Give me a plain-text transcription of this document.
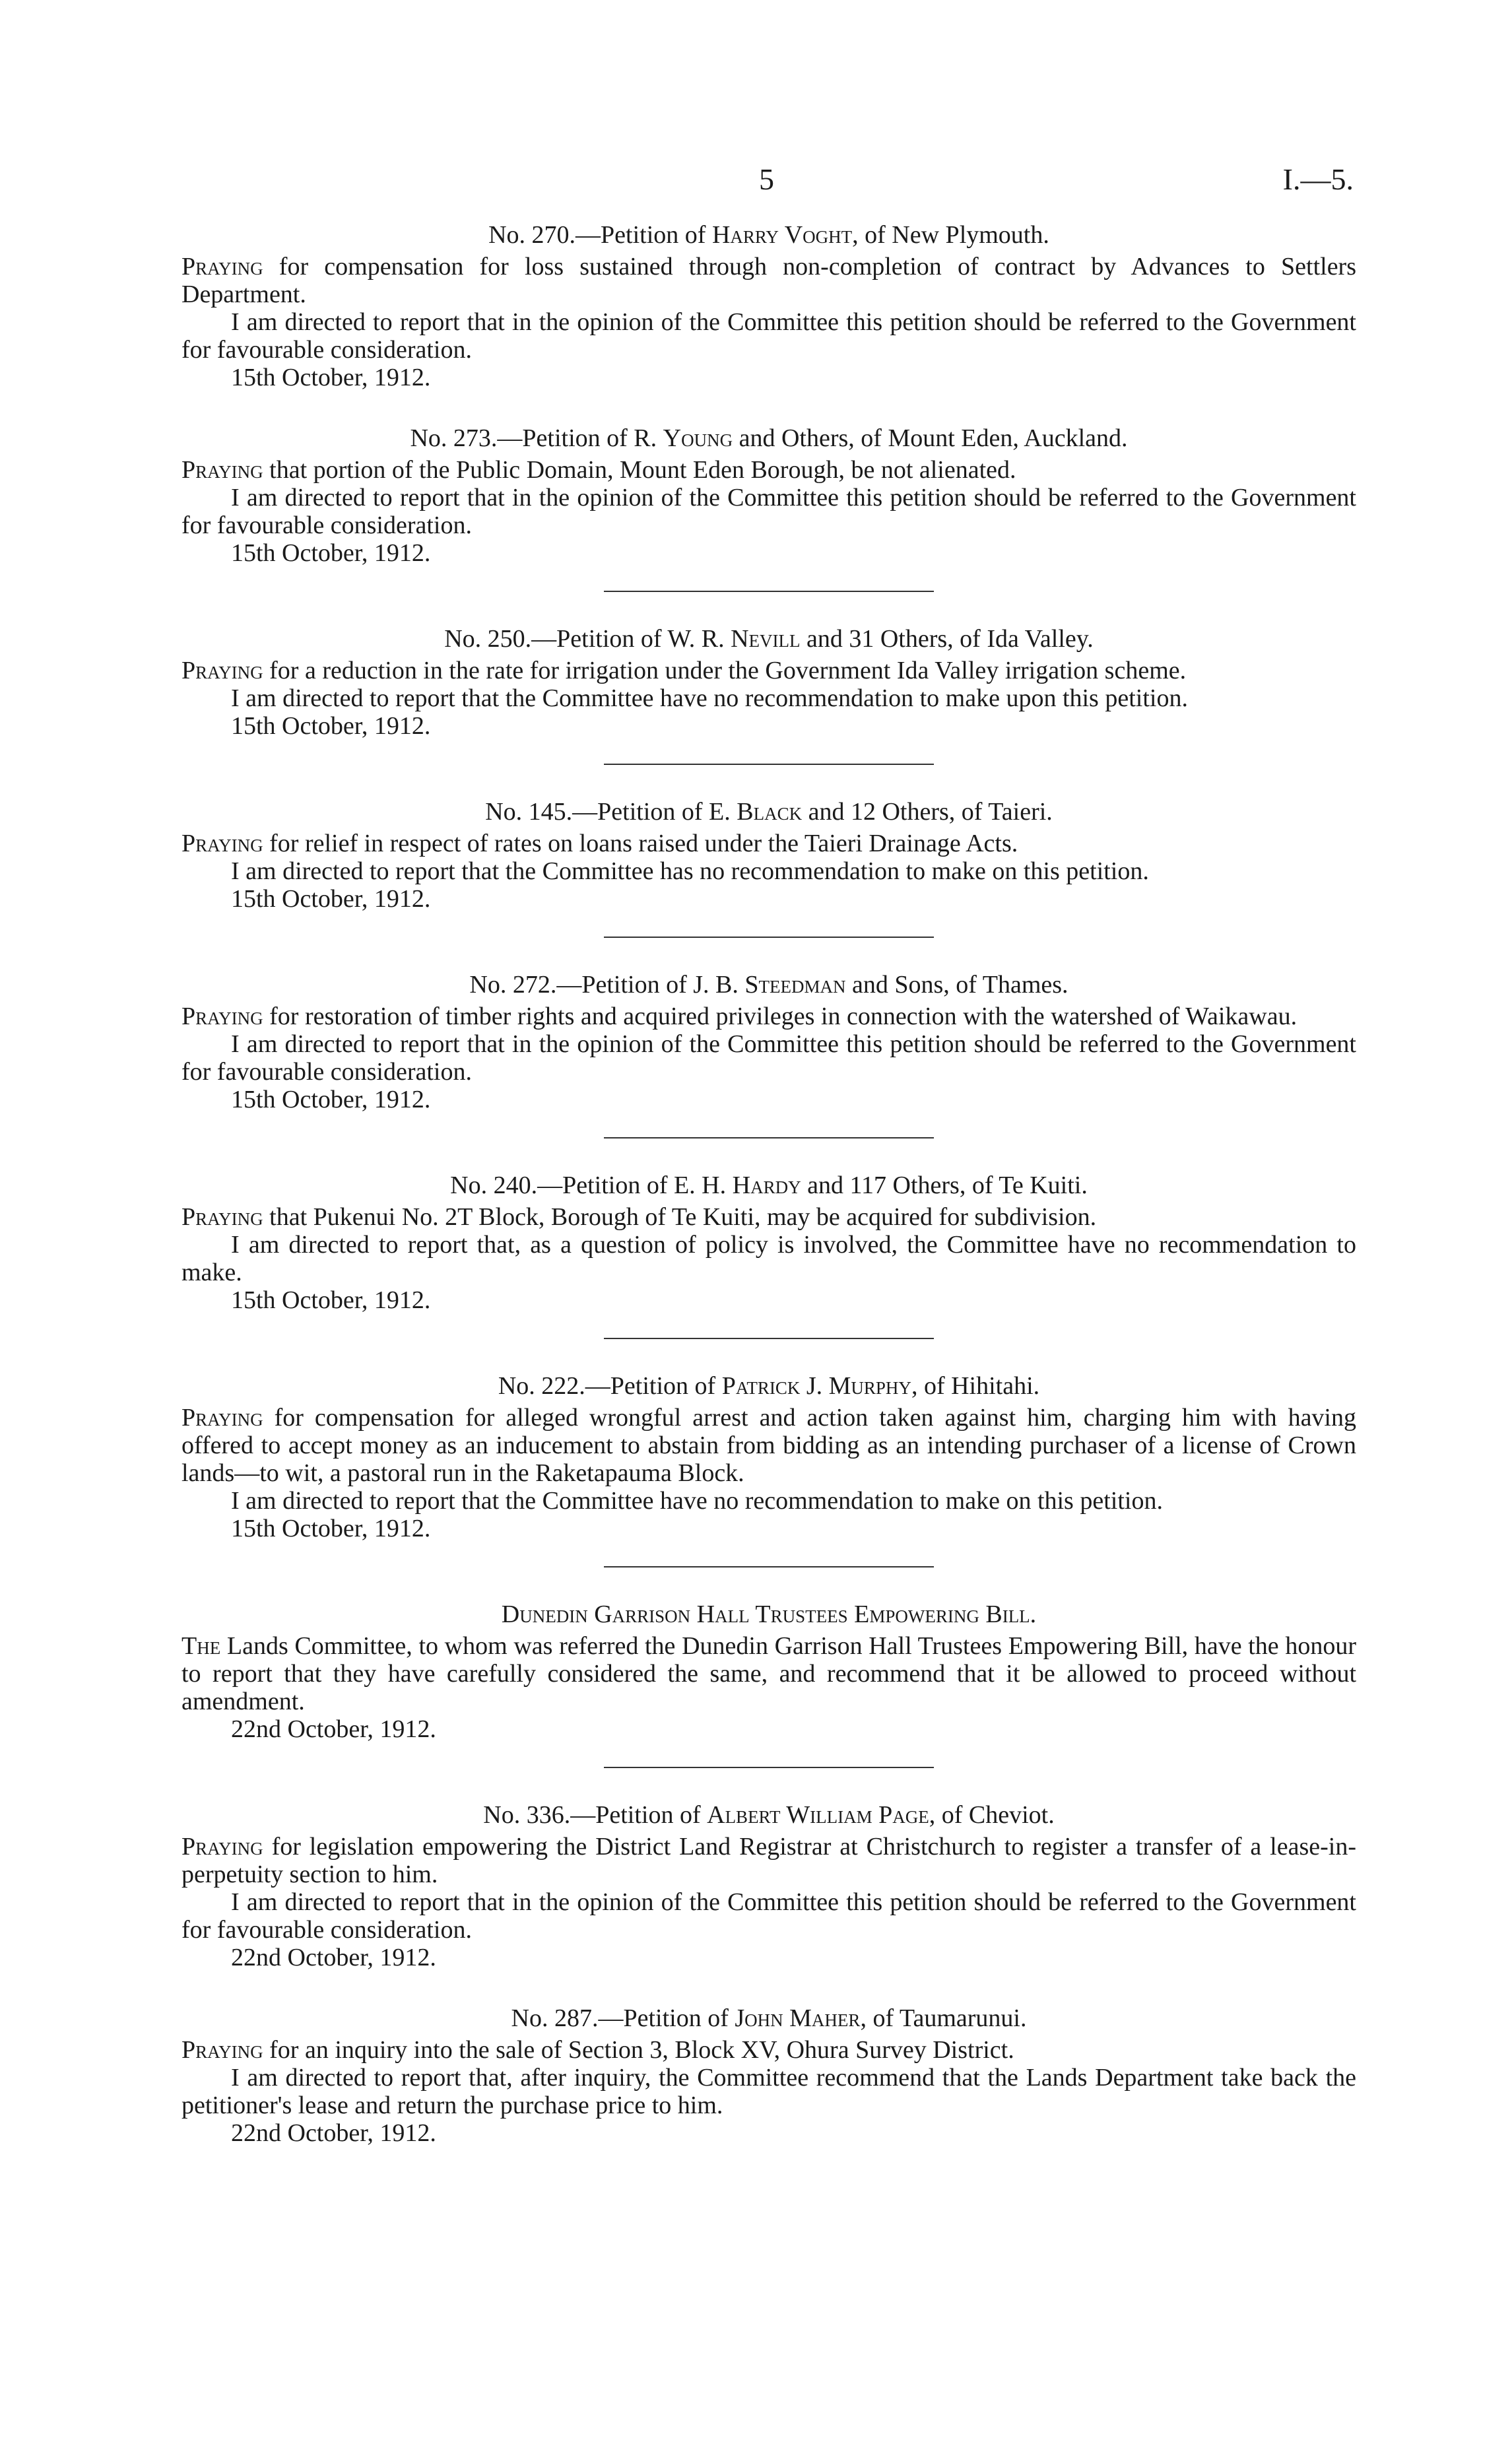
5	I.—5.
No. 270.—Petition of Harry Voght, of New Plymouth.

Praying for compensation for loss sustained through non-completion of contract by Advances to Settlers Department.

I am directed to report that in the opinion of the Committee this petition should be referred to the Government for favourable consideration.

15th October, 1912.

No. 273.—Petition of R. Young and Others, of Mount Eden, Auckland.

Praying that portion of the Public Domain, Mount Eden Borough, be not alienated.

I am directed to report that in the opinion of the Committee this petition should be referred to the Government for favourable consideration.

15th October, 1912.

No. 250.—Petition of W. R. Nevill and 31 Others, of Ida Valley.

Praying for a reduction in the rate for irrigation under the Government Ida Valley irrigation scheme.

I am directed to report that the Committee have no recommendation to make upon this petition.

15th October, 1912.

No. 145.—Petition of E. Black and 12 Others, of Taieri.

Praying for relief in respect of rates on loans raised under the Taieri Drainage Acts.

I am directed to report that the Committee has no recommendation to make on this petition.

15th October, 1912.

No. 272.—Petition of J. B. Steedman and Sons, of Thames.

Praying for restoration of timber rights and acquired privileges in connection with the watershed of Waikawau.

I am directed to report that in the opinion of the Committee this petition should be referred to the Government for favourable consideration.

15th October, 1912.

No. 240.—Petition of E. H. Hardy and 117 Others, of Te Kuiti.

Praying that Pukenui No. 2T Block, Borough of Te Kuiti, may be acquired for subdivision.

I am directed to report that, as a question of policy is involved, the Committee have no recommendation to make.

15th October, 1912.

No. 222.—Petition of Patrick J. Murphy, of Hihitahi.

Praying for compensation for alleged wrongful arrest and action taken against him, charging him with having offered to accept money as an inducement to abstain from bidding as an intending purchaser of a license of Crown lands—to wit, a pastoral run in the Raketapauma Block.

I am directed to report that the Committee have no recommendation to make on this petition.

15th October, 1912.

Dunedin Garrison Hall Trustees Empowering Bill.

The Lands Committee, to whom was referred the Dunedin Garrison Hall Trustees Empowering Bill, have the honour to report that they have carefully considered the same, and recommend that it be allowed to proceed without amendment.

22nd October, 1912.

No. 336.—Petition of Albert William Page, of Cheviot.

Praying for legislation empowering the District Land Registrar at Christchurch to register a transfer of a lease-in-perpetuity section to him.

I am directed to report that in the opinion of the Committee this petition should be referred to the Government for favourable consideration.

22nd October, 1912.

No. 287.—Petition of John Maher, of Taumarunui.

Praying for an inquiry into the sale of Section 3, Block XV, Ohura Survey District.

I am directed to report that, after inquiry, the Committee recommend that the Lands Department take back the petitioner's lease and return the purchase price to him.

22nd October, 1912.
